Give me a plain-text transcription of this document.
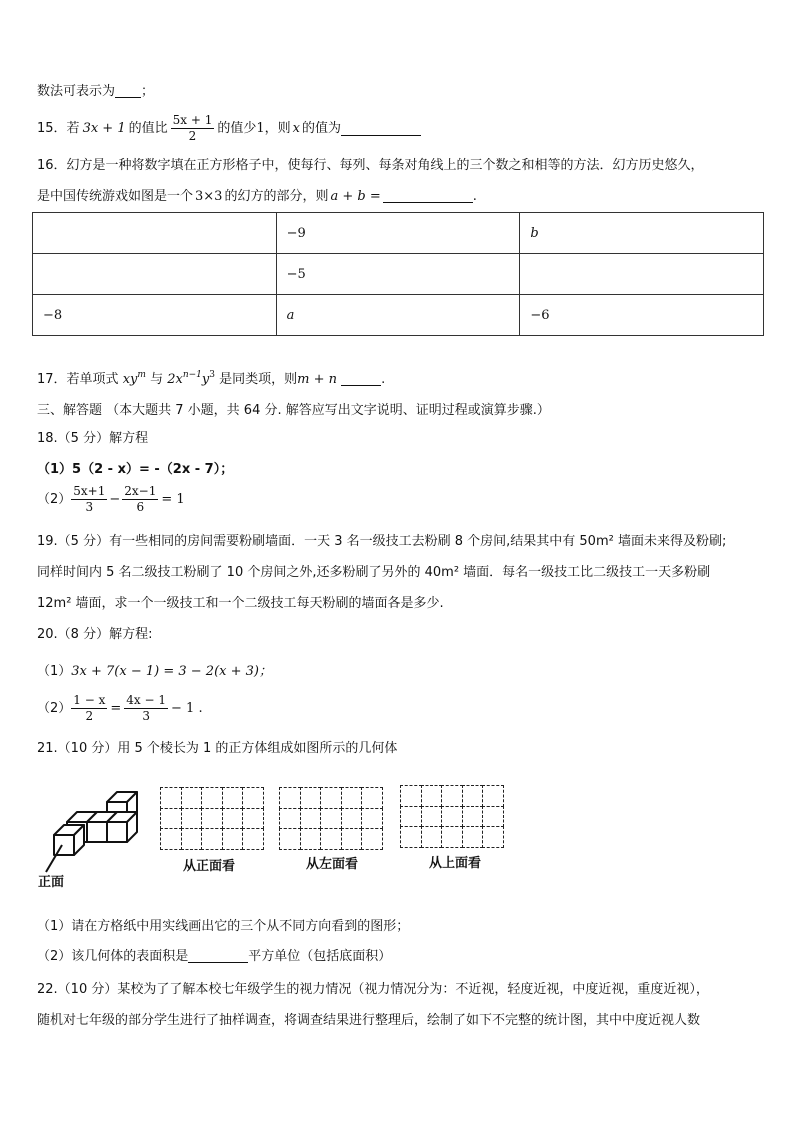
数法可表示为 ；
15． 若 3x + 1 的值比 $\frac{5x + 1}{2}$ 的值少 1 ，则 x 的值为
16．幻方是一种将数字填在正方形格子中，使每行、每列、每条对角线上的三个数之和相等的方法．幻方历史悠久，
是中国传统游戏如图是一个 3×3 的幻方的部分，则 a + b =	.
	−9	b
	−5	
−8	a	−6
17．若单项式 $xy^m$ 与 $2x^{n-1}y^3$ 是同类项，则m + n	.
三、解答题 （本大题共 7 小题，共 64 分. 解答应写出文字说明、证明过程或演算步骤.）
18.（5 分）解方程
（1）5（2 - x）= -（2x - 7）；
$(2) \frac{5x+1}{3} - \frac{2x-1}{6} = 1$
19.（5 分）有一些相同的房间需要粉刷墙面．一天 3 名一级技工去粉刷 8 个房间,结果其中有 50m² 墙面未来得及粉刷;
同样时间内 5 名二级技工粉刷了 10 个房间之外,还多粉刷了另外的 40m² 墙面．每名一级技工比二级技工一天多粉刷
12m² 墙面，求一个一级技工和一个二级技工每天粉刷的墙面各是多少.
20.（8 分）解方程:
（1）3x + 7(x − 1) = 3 − 2(x + 3)；
$(2) \frac{1 - x}{2} = \frac{4x - 1}{3} - 1$ .
21.（10 分）用 5 个棱长为 1 的正方体组成如图所示的几何体
正面
从正面看	从左面看	从上面看
（1）请在方格纸中用实线画出它的三个从不同方向看到的图形；
（2）该几何体的表面积是	平方单位（包括底面积）
22.（10 分）某校为了了解本校七年级学生的视力情况（视力情况分为：不近视，轻度近视，中度近视，重度近视），
随机对七年级的部分学生进行了抽样调查，将调查结果进行整理后，绘制了如下不完整的统计图，其中中度近视人数
